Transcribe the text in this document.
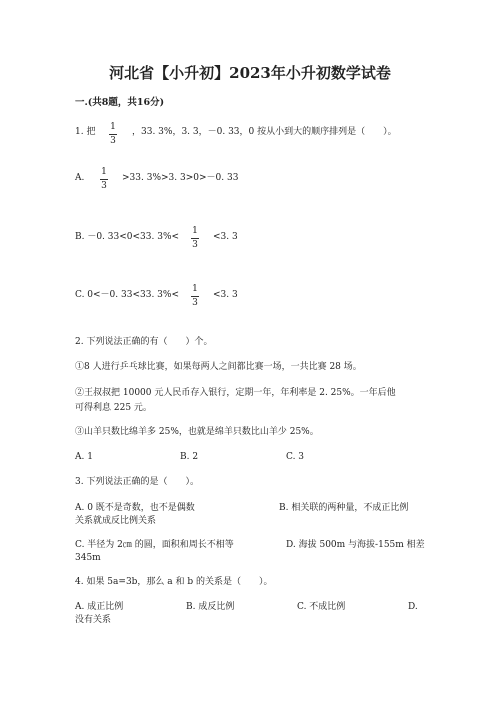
河北省【小升初】2023年小升初数学试卷
一.(共8题，共16分)
1. 把 1
3
，33. 3%，3. 3，－0. 33，0 按从小到大的顺序排列是（　　）。
A.
1
3
>33. 3%>3. 3>0>－0. 33
B. －0. 33<0<33. 3%<
1
3
<3. 3
C. 0<－0. 33<33. 3%<
1
3
<3. 3
2. 下列说法正确的有（　　）个。
①8 人进行乒乓球比赛，如果每两人之间都比赛一场，一共比赛 28 场。
②王叔叔把 10000 元人民币存入银行，定期一年，年利率是 2. 25%。一年后他
可得利息 225 元。
③山羊只数比绵羊多 25%，也就是绵羊只数比山羊少 25%。
A. 1	B. 2	C. 3
3. 下列说法正确的是（　　）。
A. 0 既不是奇数，也不是偶数	B. 相关联的两种量，不成正比例
关系就成反比例关系
C. 半径为 2㎝ 的圆，面积和周长不相等	D. 海拔 500m 与海拔-155m 相差
345m
4. 如果 5a=3b，那么 a 和 b 的关系是（　　）。
A. 成正比例	B. 成反比例	C. 不成比例	D.
没有关系
